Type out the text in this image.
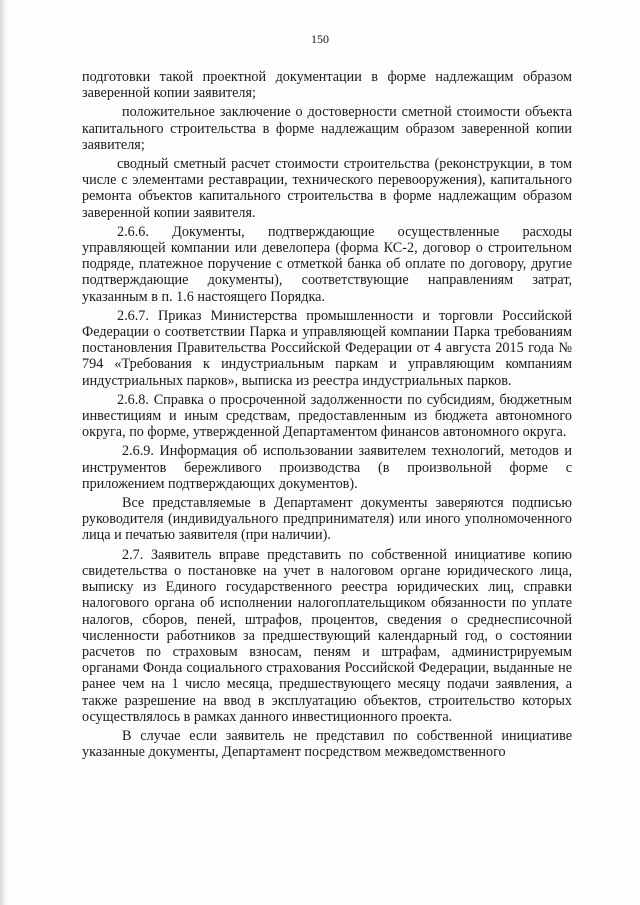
150

подготовки такой проектной документации в форме надлежащим образом заверенной копии заявителя;

положительное заключение о достоверности сметной стоимости объекта капитального строительства в форме надлежащим образом заверенной копии заявителя;

сводный сметный расчет стоимости строительства (реконструкции, в том числе с элементами реставрации, технического перевооружения), капитального ремонта объектов капитального строительства в форме надлежащим образом заверенной копии заявителя.

2.6.6. Документы, подтверждающие осуществленные расходы управляющей компании или девелопера (форма КС-2, договор о строительном подряде, платежное поручение с отметкой банка об оплате по договору, другие подтверждающие документы), соответствующие направлениям затрат, указанным в п. 1.6 настоящего Порядка.

2.6.7. Приказ Министерства промышленности и торговли Российской Федерации о соответствии Парка и управляющей компании Парка требованиям постановления Правительства Российской Федерации от 4 августа 2015 года № 794 «Требования к индустриальным паркам и управляющим компаниям индустриальных парков», выписка из реестра индустриальных парков.

2.6.8. Справка о просроченной задолженности по субсидиям, бюджетным инвестициям и иным средствам, предоставленным из бюджета автономного округа, по форме, утвержденной Департаментом финансов автономного округа.

2.6.9. Информация об использовании заявителем технологий, методов и инструментов бережливого производства (в произвольной форме с приложением подтверждающих документов).

Все представляемые в Департамент документы заверяются подписью руководителя (индивидуального предпринимателя) или иного уполномоченного лица и печатью заявителя (при наличии).

2.7. Заявитель вправе представить по собственной инициативе копию свидетельства о постановке на учет в налоговом органе юридического лица, выписку из Единого государственного реестра юридических лиц, справки налогового органа об исполнении налогоплательщиком обязанности по уплате налогов, сборов, пеней, штрафов, процентов, сведения о среднесписочной численности работников за предшествующий календарный год, о состоянии расчетов по страховым взносам, пеням и штрафам, администрируемым органами Фонда социального страхования Российской Федерации, выданные не ранее чем на 1 число месяца, предшествующего месяцу подачи заявления, а также разрешение на ввод в эксплуатацию объектов, строительство которых осуществлялось в рамках данного инвестиционного проекта.

В случае если заявитель не представил по собственной инициативе указанные документы, Департамент посредством межведомственного
